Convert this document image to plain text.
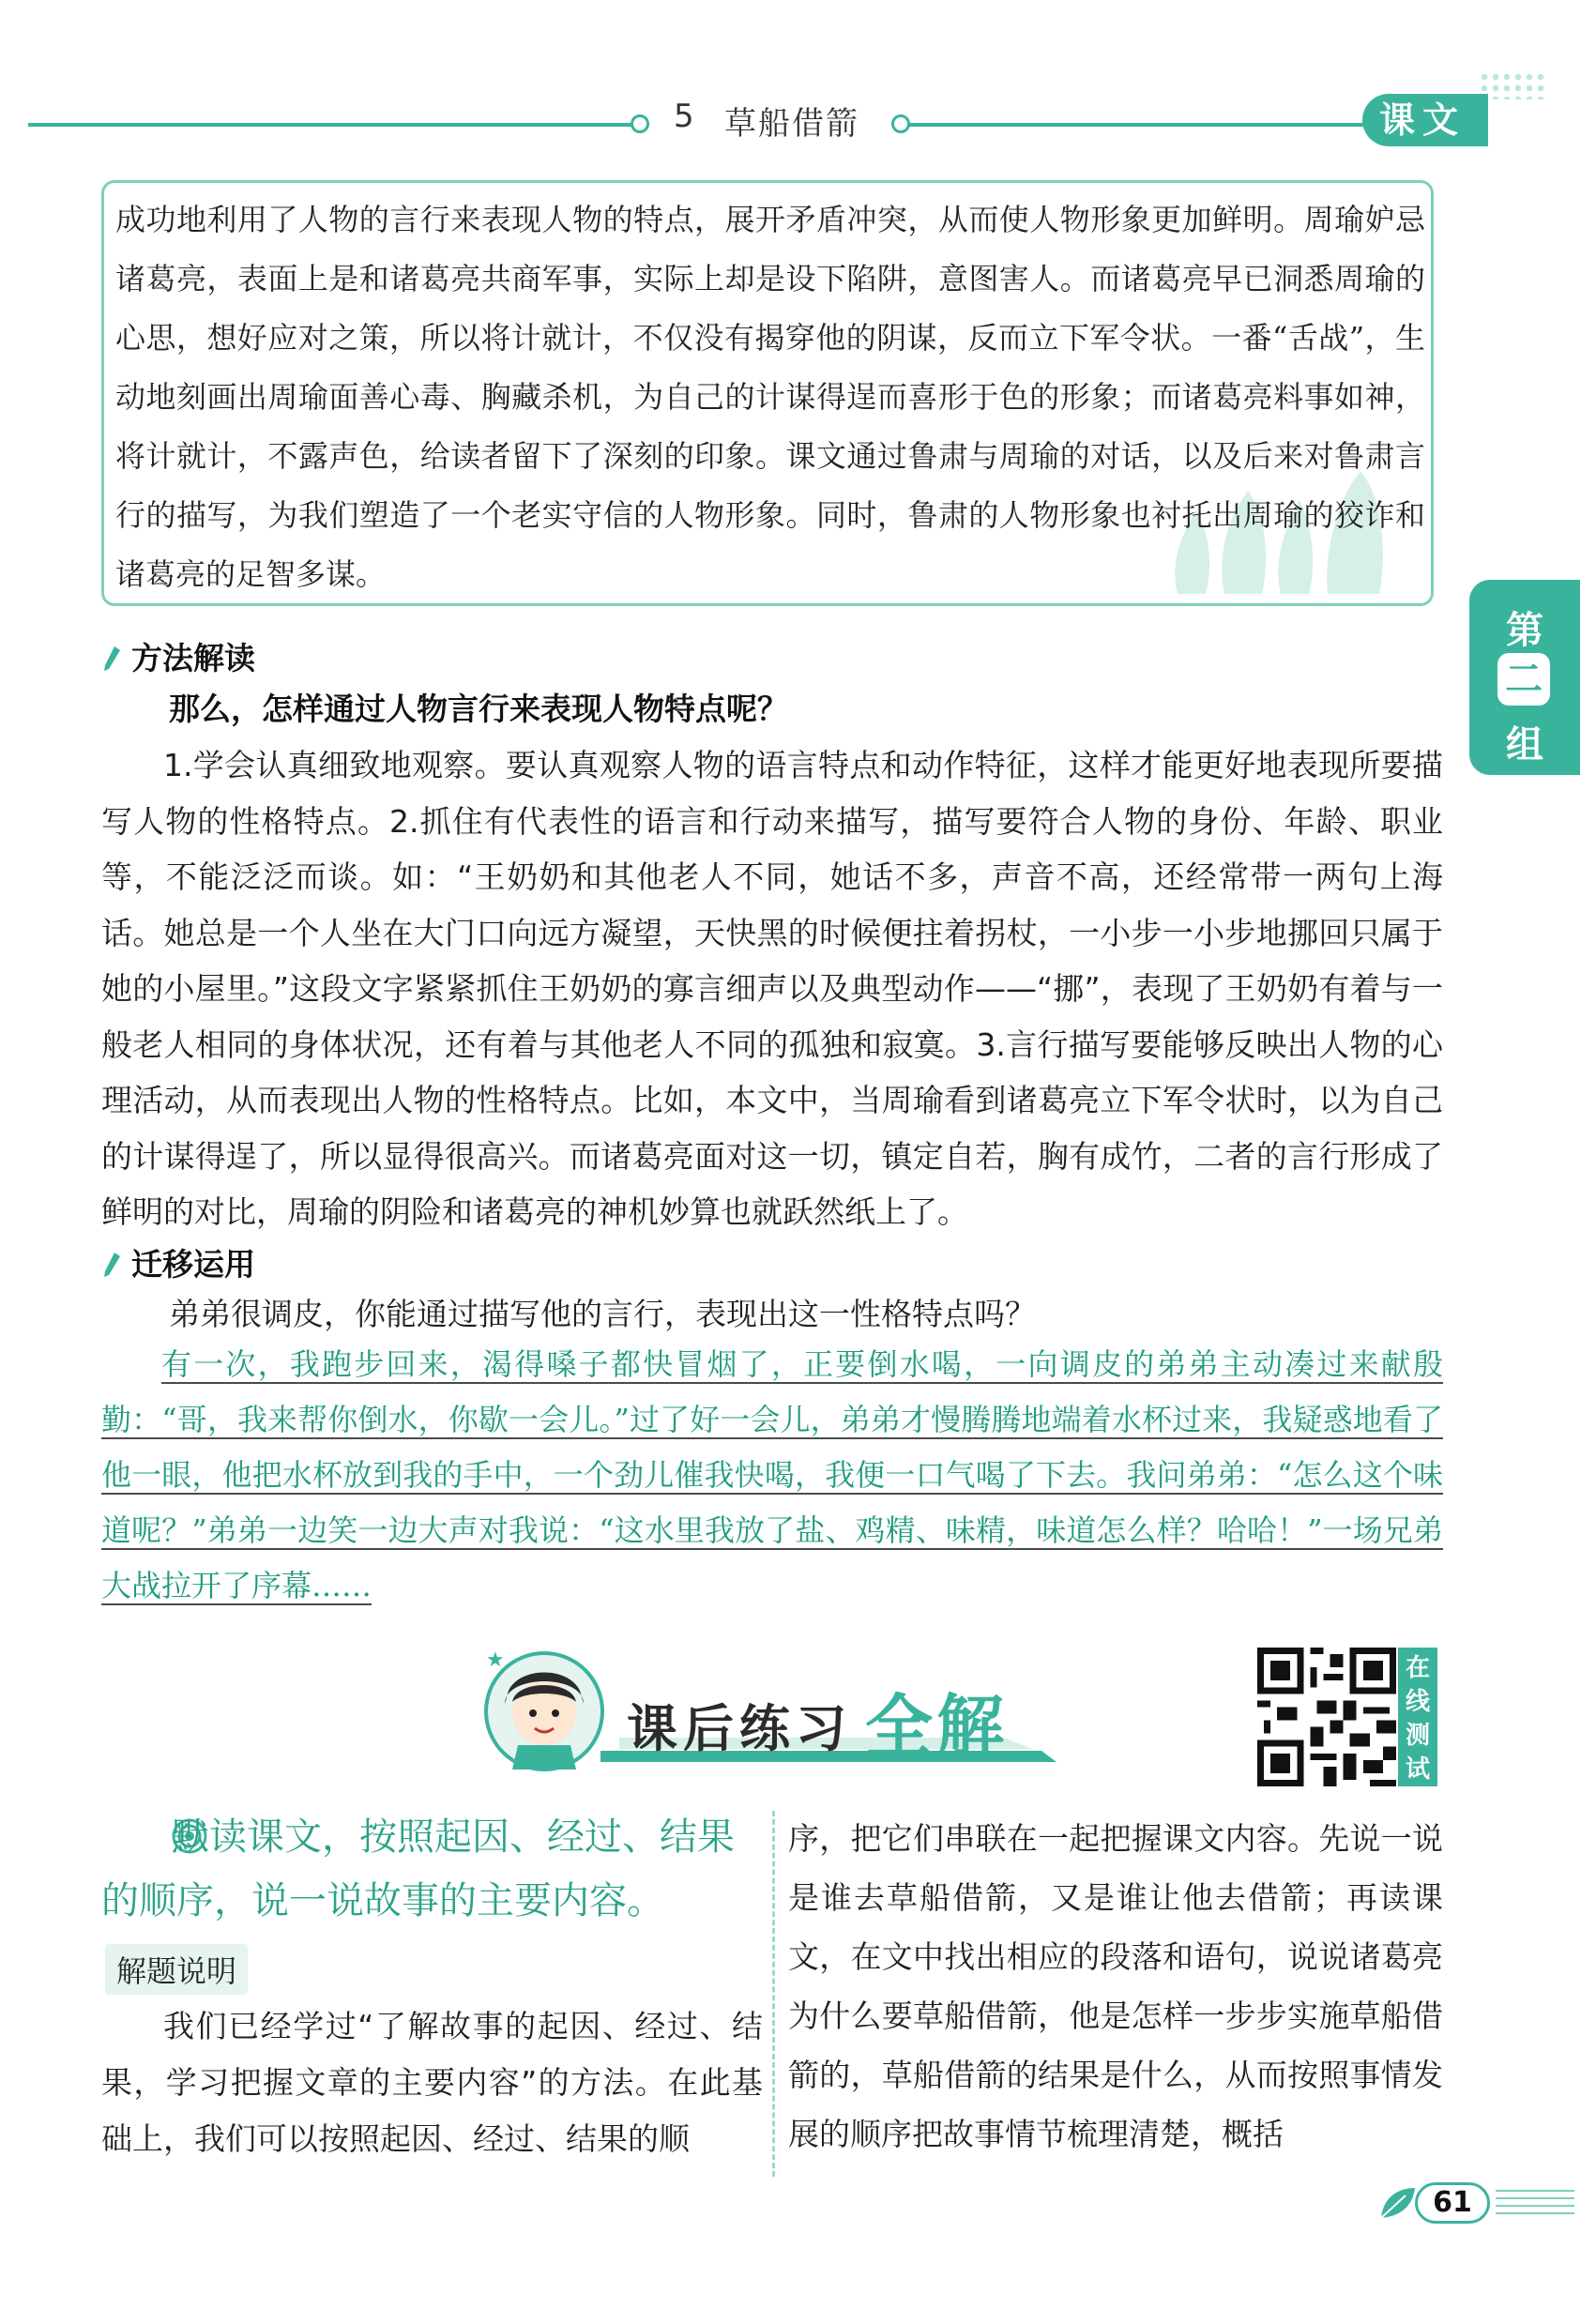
5 草船借箭	课文
第
二
组

成功地利用了人物的言行来表现人物的特点，展开矛盾冲突，从而使人物形象更加鲜明。周瑜妒忌诸葛亮，表面上是和诸葛亮共商军事，实际上却是设下陷阱，意图害人。而诸葛亮早已洞悉周瑜的心思，想好应对之策，所以将计就计，不仅没有揭穿他的阴谋，反而立下军令状。一番“舌战”，生动地刻画出周瑜面善心毒、胸藏杀机，为自己的计谋得逞而喜形于色的形象；而诸葛亮料事如神，将计就计，不露声色，给读者留下了深刻的印象。课文通过鲁肃与周瑜的对话，以及后来对鲁肃言行的描写，为我们塑造了一个老实守信的人物形象。同时，鲁肃的人物形象也衬托出周瑜的狡诈和诸葛亮的足智多谋。

方法解读
那么，怎样通过人物言行来表现人物特点呢？

1.学会认真细致地观察。要认真观察人物的语言特点和动作特征，这样才能更好地表现所要描写人物的性格特点。2.抓住有代表性的语言和行动来描写，描写要符合人物的身份、年龄、职业等，不能泛泛而谈。如：“王奶奶和其他老人不同，她话不多，声音不高，还经常带一两句上海话。她总是一个人坐在大门口向远方凝望，天快黑的时候便拄着拐杖，一小步一小步地挪回只属于她的小屋里。”这段文字紧紧抓住王奶奶的寡言细声以及典型动作——“挪”，表现了王奶奶有着与一般老人相同的身体状况，还有着与其他老人不同的孤独和寂寞。3.言行描写要能够反映出人物的心理活动，从而表现出人物的性格特点。比如，本文中，当周瑜看到诸葛亮立下军令状时，以为自己的计谋得逞了，所以显得很高兴。而诸葛亮面对这一切，镇定自若，胸有成竹，二者的言行形成了鲜明的对比，周瑜的阴险和诸葛亮的神机妙算也就跃然纸上了。

迁移运用
弟弟很调皮，你能通过描写他的言行，表现出这一性格特点吗？

有一次，我跑步回来，渴得嗓子都快冒烟了，正要倒水喝，一向调皮的弟弟主动凑过来献殷勤：“哥，我来帮你倒水，你歇一会儿。”过了好一会儿，弟弟才慢腾腾地端着水杯过来，我疑惑地看了他一眼，他把水杯放到我的手中，一个劲儿催我快喝，我便一口气喝了下去。我问弟弟：“怎么这个味道呢？”弟弟一边笑一边大声对我说：“这水里我放了盐、鸡精、味精，味道怎么样？哈哈！”一场兄弟大战拉开了序幕……

★
课后练习 全解
在线测试

默读课文，按照起因、经过、结果的顺序，说一说故事的主要内容。

解题说明

我们已经学过“了解故事的起因、经过、结果，学习把握文章的主要内容”的方法。在此基础上，我们可以按照起因、经过、结果的顺

序，把它们串联在一起把握课文内容。先说一说是谁去草船借箭，又是谁让他去借箭；再读课文，在文中找出相应的段落和语句，说说诸葛亮为什么要草船借箭，他是怎样一步步实施草船借箭的，草船借箭的结果是什么，从而按照事情发展的顺序把故事情节梳理清楚，概括

61
